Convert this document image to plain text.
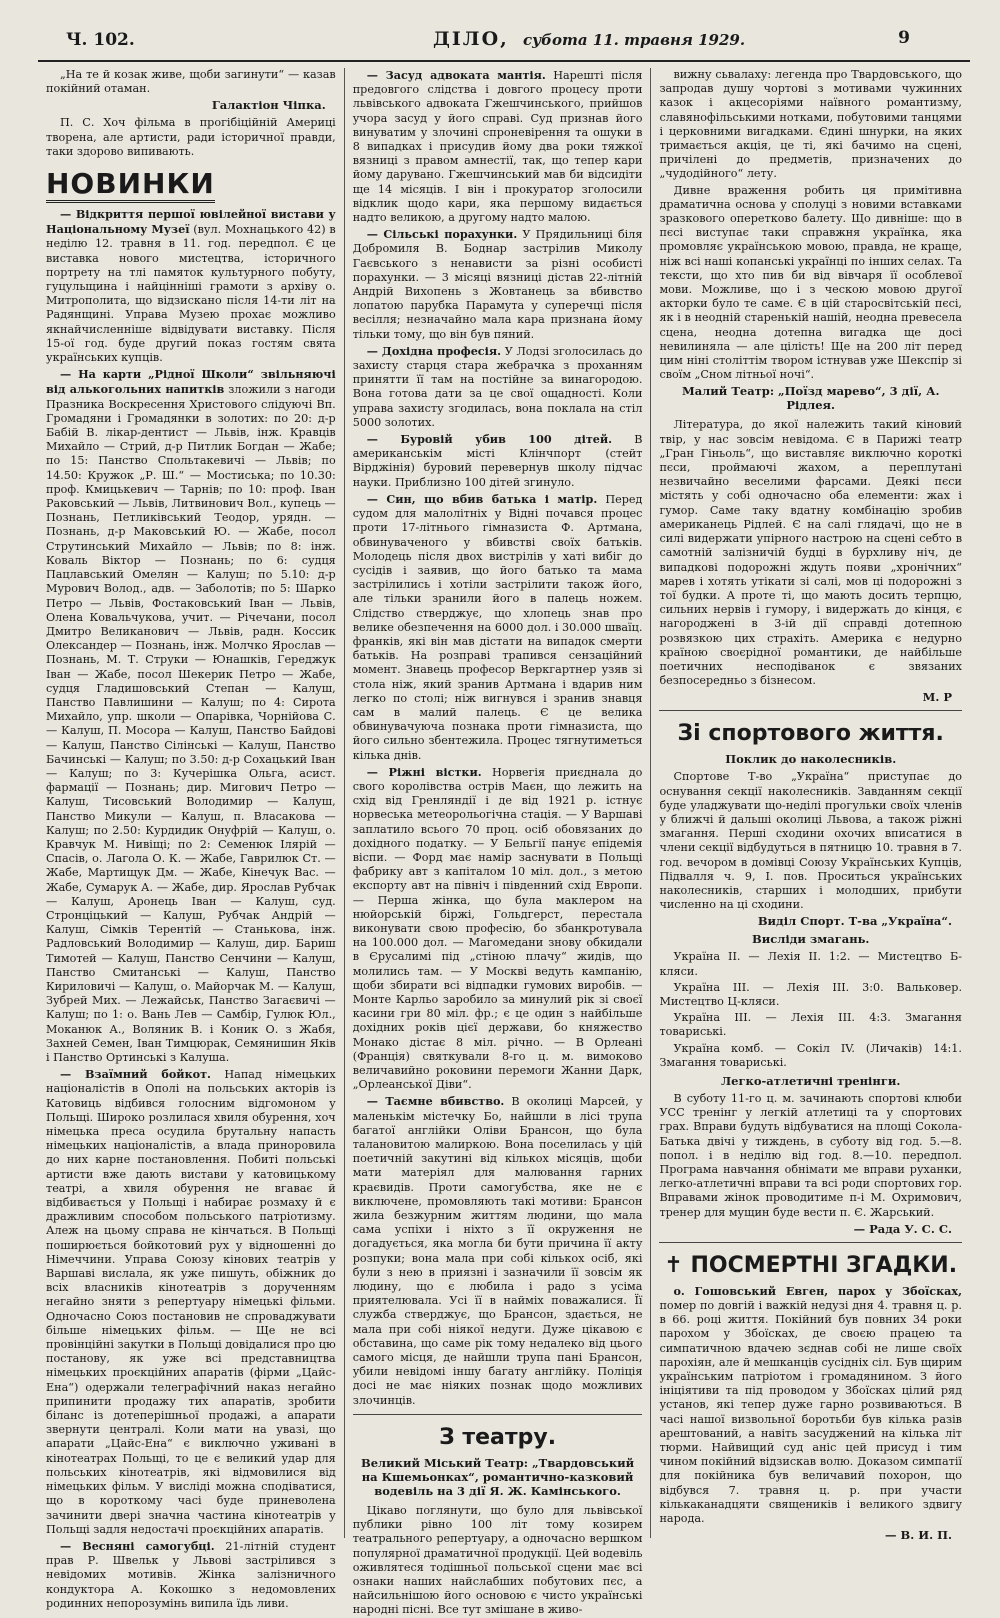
Ч. 102.	ДІЛО, субота 11. травня 1929.	9

„На те й козак живе, щоби загинути“ — казав покійний отаман.

Галактіон Чіпка.

П. С. Хоч фільма в прогібіційній Америці творена, але артисти, ради історичної правди, таки здорово випивають.

НОВИНКИ

— Відкриття першої ювілейної вистави у Національному Музеї (вул. Мохнацького 42) в неділю 12. травня в 11. год. передпол. Є це виставка нового мистецтва, історичного портрету на тлі памяток культурного побуту, гуцульщина і найцінніші грамоти з архіву о. Митрополита, що відзискано після 14-ти літ на Радянщині. Управа Музею прохає можливо якнайчисленніше відвідувати виставку. Після 15-ої год. буде другий показ гостям свята українських купців.

— На карти „Рідної Школи“ звільняючі від алькогольних напитків зложили з нагоди Празника Воскресення Христового слідуючі Вп. Громадяни і Громадянки в золотих: по 20: д-р Бабій В. лікар-дентист — Львів, інж. Кравців Михайло — Стрий, д-р Питлик Богдан — Жабе; по 15: Панство Спольтакевичі — Львів; по 14.50: Кружок „Р. Ш.“ — Мостиська; по 10.30: проф. Кмицькевич — Тарнів; по 10: проф. Іван Раковський — Львів, Литвинович Вол., купець — Познань, Петликівський Теодор, урядн. — Познань, д-р Маковський Ю. — Жабе, посол Струтинський Михайло — Львів; по 8: інж. Коваль Віктор — Познань; по 6: судця Пацлавський Омелян — Калуш; по 5.10: д-р Мурович Волод., адв. — Заболотів; по 5: Шарко Петро — Львів, Фостаковський Іван — Львів, Олена Ковальчукова, учит. — Річечани, посол Дмитро Великанович — Львів, радн. Коссик Олександер — Познань, інж. Молчко Ярослав — Познань, М. Т. Струки — Юнашків, Гереджук Іван — Жабе, посол Шекерик Петро — Жабе, судця Гладишовський Степан — Калуш, Панство Павлишини — Калуш; по 4: Сирота Михайло, упр. школи — Опарівка, Чорнійова С. — Калуш, П. Мосора — Калуш, Панство Байдові — Калуш, Панство Сілінські — Калуш, Панство Бачинські — Калуш; по 3.50: д-р Сохацький Іван — Калуш; по 3: Кучерішка Ольга, асист. фармації — Познань; дир. Мигович Петро — Калуш, Тисовський Володимир — Калуш, Панство Микули — Калуш, п. Власакова — Калуш; по 2.50: Курдидик Онуфрій — Калуш, о. Кравчук М. Нивіщі; по 2: Семенюк Ілярій — Спасів, о. Лагола О. К. — Жабе, Гаврилюк Ст. — Жабе, Мартищук Дм. — Жабе, Кінечук Вас. — Жабе, Сумарук А. — Жабе, дир. Ярослав Рубчак — Калуш, Аронець Іван — Калуш, суд. Стронціцький — Калуш, Рубчак Андрій — Калуш, Сімків Терентій — Станькова, інж. Радловський Володимир — Калуш, дир. Бариш Тимотей — Калуш, Панство Сенчини — Калуш, Панство Смитанські — Калуш, Панство Кириловичі — Калуш, о. Майорчак М. — Калуш, Зубрей Мих. — Лежайськ, Панство Загаєвичі — Калуш; по 1: о. Вань Лев — Самбір, Гулюк Юл., Моканюк А., Воляник В. і Коник О. з Жабя, Захней Семен, Іван Тимцюрак, Семянишин Яків і Панство Ортинські з Калуша.

— Взаїмний бойкот. Напад німецьких націоналістів в Ополі на польських акторів із Катовиць відбився голосним відгомоном у Польщі. Широко розлилася хвиля обурення, хоч німецька преса осудила брутальну напасть німецьких націоналістів, а влада приноровила до них карне постановлення. Побиті польські артисти вже дають вистави у катовицькому театрі, а хвиля обурення не вгаває й відбивається у Польщі і набирає розмаху й є дражливим способом польського патріотизму. Алеж на цьому справа не кінчаться. В Польщі поширюється бойкотовий рух у відношенні до Німеччини. Управа Союзу кінових театрів у Варшаві вислала, як уже пишуть, обіжник до всіх власників кінотеатрів з дорученням негайно зняти з репертуару німецькі фільми. Одночасно Союз постановив не спроваджувати більше німецьких фільм. — Ще не всі провінційні закутки в Польщі довідалися про цю постанову, як уже всі представництва німецьких проєкційних апаратів (фірми „Цайс-Ена“) одержали телеграфічний наказ негайно припинити продажу тих апаратів, зробити біланс із дотеперішньої продажі, а апарати звернути централі. Коли мати на увазі, що апарати „Цайс-Ена“ є виключно уживані в кінотеатрах Польщі, то це є великий удар для польських кінотеатрів, які відмовилися від німецьких фільм. У висліді можна сподіватися, що в короткому часі буде приневолена зачинити двері значна частина кінотеатрів у Польщі задля недостачі проєкційних апаратів.

— Весняні самогубці. 21-літній студент прав Р. Швельк у Львові застрілився з невідомих мотивів. Жінка залізничного кондуктора А. Кокошко з недомовлених родинних непорозумінь випила їдь ливи.

— Засуд адвоката мантія. Нарешті після предовгого слідства і довгого процесу проти львівського адвоката Гжешчинського, прийшов учора засуд у його справі. Суд признав його винуватим у злочині спроневірення та ошуки в 8 випадках і присудив йому два роки тяжкої вязниці з правом амнестії, так, що тепер кари йому дарувано. Гжешчинський мав би відсидіти ще 14 місяців. І він і прокуратор зголосили відклик щодо кари, яка першому видається надто великою, а другому надто малою.

— Сільські порахунки. У Прядильниці біля Добромиля В. Боднар застрілив Миколу Гаєвського з ненависти за різні особисті порахунки. — 3 місяці вязниці дістав 22-літній Андрій Вихопень з Жовтанець за вбивство лопатою парубка Парамута у суперечці після весілля; незначайно мала кара признана йому тільки тому, що він був пяний.

— Дохідна професія. У Лодзі зголосилась до захисту старця стара жебрачка з проханням принятти її там на постійне за винагородою. Вона готова дати за це свої ощадності. Коли управа захисту згодилась, вона поклала на стіл 5000 золотих.

— Буровій убив 100 дітей. В американськім місті Клінчпорт (стейт Вірджінія) буровий перевернув школу підчас науки. Приблизно 100 дітей згинуло.

— Син, що вбив батька і матір. Перед судом для малолітніх у Відні почався процес проти 17-літнього гімназиста Ф. Артмана, обвинуваченого у вбивстві своїх батьків. Молодець після двох вистрілів у хаті вибіг до сусідів і заявив, що його батько та мама застрілились і хотіли застрілити також його, але тільки зранили його в палець ножем. Слідство стверджує, що хлопець знав про велике обезпечення на 6000 дол. і 30.000 шваїц. франків, які він мав дістати на випадок смерти батьків. На розправі трапився сензаційний момент. Знавець професор Веркгартнер узяв зі стола ніж, який зранив Артмана і вдарив ним легко по столі; ніж вигнувся і зранив знавця сам в малий палець. Є це велика обвинувачуюча познака проти гімназиста, що його сильно збентежила. Процес тягнутиметься кілька днів.

— Ріжні вістки. Норвегія приєднала до свого королівства острів Маєн, що лежить на схід від Гренляндії і де від 1921 р. істнує норвеська метеорольогічна стація. — У Варшаві заплатило всього 70 проц. осіб обовязаних до дохідного податку. — У Бельгії панує епідемія віспи. — Форд має намір заснувати в Польщі фабрику авт з капіталом 10 міл. дол., з метою експорту авт на північ і південний схід Европи. — Перша жінка, що була маклером на нюйорській біржі, Гольдгерст, перестала виконувати свою професію, бо збанкротувала на 100.000 дол. — Магомедани знову обкидали в Єрусалимі під „стіною плачу“ жидів, що молились там. — У Москві ведуть кампанію, щоби збирати всі відпадки гумових виробів. — Монте Карльо заробило за минулий рік зі своєї касини гри 80 міл. фр.; є це один з найбільше дохідних років цієї держави, бо княжество Монако дістає 8 міл. річно. — В Орлеані (Франція) святкували 8-го ц. м. вимоково величавийно роковини перемоги Жанни Дарк, „Орлеанської Діви“.

— Таємне вбивство. В околиці Марсей, у маленькім містечку Бо, найшли в лісі трупа багатої англійки Оліви Брансон, що була талановитою малиркою. Вона поселилась у цій поетичній закутині від кількох місяців, щоби мати матеріял для малювання гарних краєвидів. Проти самогубства, яке не є виключене, промовляють такі мотиви: Брансон жила безжурним життям людини, що мала сама успіхи і ніхто з її окруження не догадується, яка могла би бути причина її акту розпуки; вона мала при собі кількох осіб, які були з нею в приязні і зазначили її зовсім як людину, що є любила і радо з усіма приятелювала. Усі її в найміх поважалися. Її служба стверджує, що Брансон, здається, не мала при собі ніякої недуги. Дуже цікавою є обставина, що саме рік тому недалеко від цього самого місця, де найшли трупа пані Брансон, убили невідомі іншу багату англійку. Поліція досі не має ніяких познак щодо можливих злочинців.

З театру.
Великий Міський Театр: „Твардовський на Кшемьонках“, романтично-казковий водевіль на 3 дії Я. Ж. Камінського.

Цікаво поглянути, що було для львівської публики рівно 100 літ тому козирем театрального репертуару, а одночасно вершком популярної драматичної продукції. Цей водевіль оживлятеся тодішньої польської сцени має всі ознаки наших найслабших побутових пєс, а найсильнішою його основою є чисто українські народні пісні. Все тут змішане в живо-

вижну сьвалаху: легенда про Твардовського, що запродав душу чортові з мотивами чужинних казок і акцесоріями наївного романтизму, славянофільськими нотками, побутовими танцями і церковними вигадками. Єдині шнурки, на яких тримається акція, це ті, які бачимо на сцені, причілені до предметів, призначених до „чудодійного“ лету.

Дивне враження робить ця примітивна драматична основа у сполуці з новими вставками зразкового оперетково балету. Що дивніше: що в пєсі виступає таки справжня українка, яка промовляє українською мовою, правда, не краще, ніж всі наші копанські українці по інших селах. Та тексти, що хто пив би від вівчаря її особлевої мови. Можливе, що і з ческою мовою другої акторки було те саме. Є в цій старосвітській пєсі, як і в неодній старенькій нашій, неодна превесела сцена, неодна дотепна вигадка ще досі невилиняла — але цілість! Ще на 200 літ перед цим ніні століттім твором істнував уже Шекспір зі своїм „Сном літньої ночі“.

Малий Театр: „Поїзд марево“, 3 дії, А. Рідлея.

Література, до якої належить такий кіновий твір, у нас зовсім невідома. Є в Парижі театр „Гран Гіньоль“, що виставляє виключно короткі пєси, проймаючі жахом, а переплутані незвичайно веселими фарсами. Деякі пєси містять у собі одночасно оба елементи: жах і гумор. Саме таку вдатну комбінацію зробив американець Рідлей. Є на салі глядачі, що не в силі видержати упірного настрою на сцені себто в самотній залізничій будці в бурхливу ніч, де випадкові подорожні ждуть появи „хронічних“ марев і хотять утікати зі салі, мов ці подорожні з тої будки. А проте ті, що мають досить терпцю, сильних нервів і гумору, і видержать до кінця, є нагороджені в 3-ій дії справді дотепною розвязкою цих страхіть. Америка є недурно країною своєрідної романтики, де найбільше поетичних несподіванок є звязаних безпосередньо з бізнесом.

М. Р
Зі спортового життя.
Поклик до наколесників.

Спортове Т-во „Україна“ приступає до оснування секції наколесників. Завданням секції буде уладжувати що-неділі прогульки своїх членів у ближчі й дальші околиці Львова, а також ріжні змагання. Перші сходини охочих вписатися в члени секції відбудуться в пятницю 10. травня в 7. год. вечором в домівці Союзу Українських Купців, Підвалля ч. 9, І. пов. Проситься українських наколесників, старших і молодших, прибути численно на ці сходини.

Виділ Спорт. Т-ва „Україна“.
Висліди змагань.

Україна II. — Лехія II. 1:2. — Мистецтво Б-кляси.

Україна III. — Лехія III. 3:0. Вальковер. Мистецтво Ц-кляси.

Україна III. — Лехія III. 4:3. Змагання товариські.

Україна комб. — Сокіл IV. (Личаків) 14:1. Змагання товариські.

Легко-атлетичні тренінги.

В суботу 11-го ц. м. зачинають спортові клюби УСС тренінг у легкій атлетиці та у спортових грах. Вправи будуть відбуватися на площі Сокола-Батька двічі у тиждень, в суботу від год. 5.—8. попол. і в неділю від год. 8.—10. передпол. Програма навчання обнімати ме вправи руханки, легко-атлетичні вправи та всі роди спортових гор. Вправами жінок проводитиме п-і М. Охримович, тренер для мущин буде вести п. Є. Жарський.

— Рада У. С. С.
✝ ПОСМЕРТНІ ЗГАДКИ.

о. Гошовський Евген, парох у Збоїсках, помер по довгій і важкій недузі дня 4. травня ц. р. в 66. році життя. Покійний був повних 34 роки парохом у Збоїсках, де своєю працею та симпатичною вдачею зєднав собі не лише своїх парохіян, але й мешканців сусідніх сіл. Був щирим українським патріотом і громадянином. З його ініціятиви та під проводом у Збоїсках цілий ряд установ, які тепер дуже гарно розвиваються. В часі нашої визвольної боротьби був кілька разів арештований, а навіть засуджений на кілька літ тюрми. Найвищий суд аніс цей присуд і тим чином покійний відзискав волю. Доказом симпатії для покійника був величавий похорон, що відбувся 7. травня ц. р. при участи кількаканадцяти священиків і великого здвигу народа.

— В. И. П.
